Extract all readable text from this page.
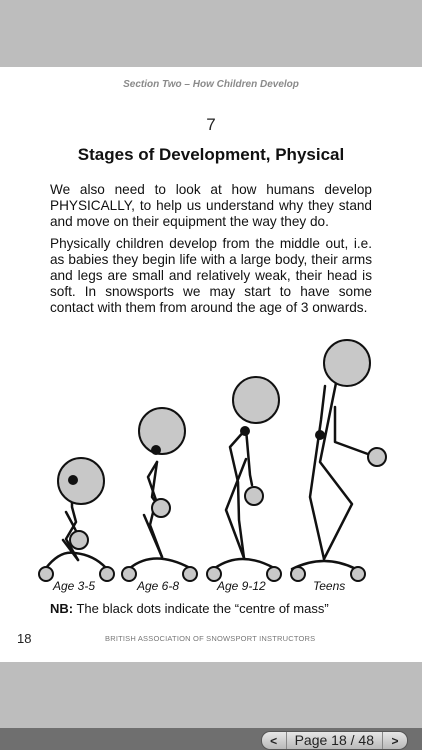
Section Two – How Children Develop
7
Stages of Development, Physical
We also need to look at how humans develop PHYSICALLY, to help us understand why they stand and move on their equipment the way they do.
Physically children develop from the middle out, i.e. as babies they begin life with a large body, their arms and legs are small and relatively weak, their head is soft. In snowsports we may start to have some contact with them from around the age of 3 onwards.
Age 3-5	Age 6-8	Age 9-12	Teens
NB: The black dots indicate the “centre of mass”
18	BRITISH ASSOCIATION OF SNOWSPORT INSTRUCTORS
<	Page 18 / 48	>
